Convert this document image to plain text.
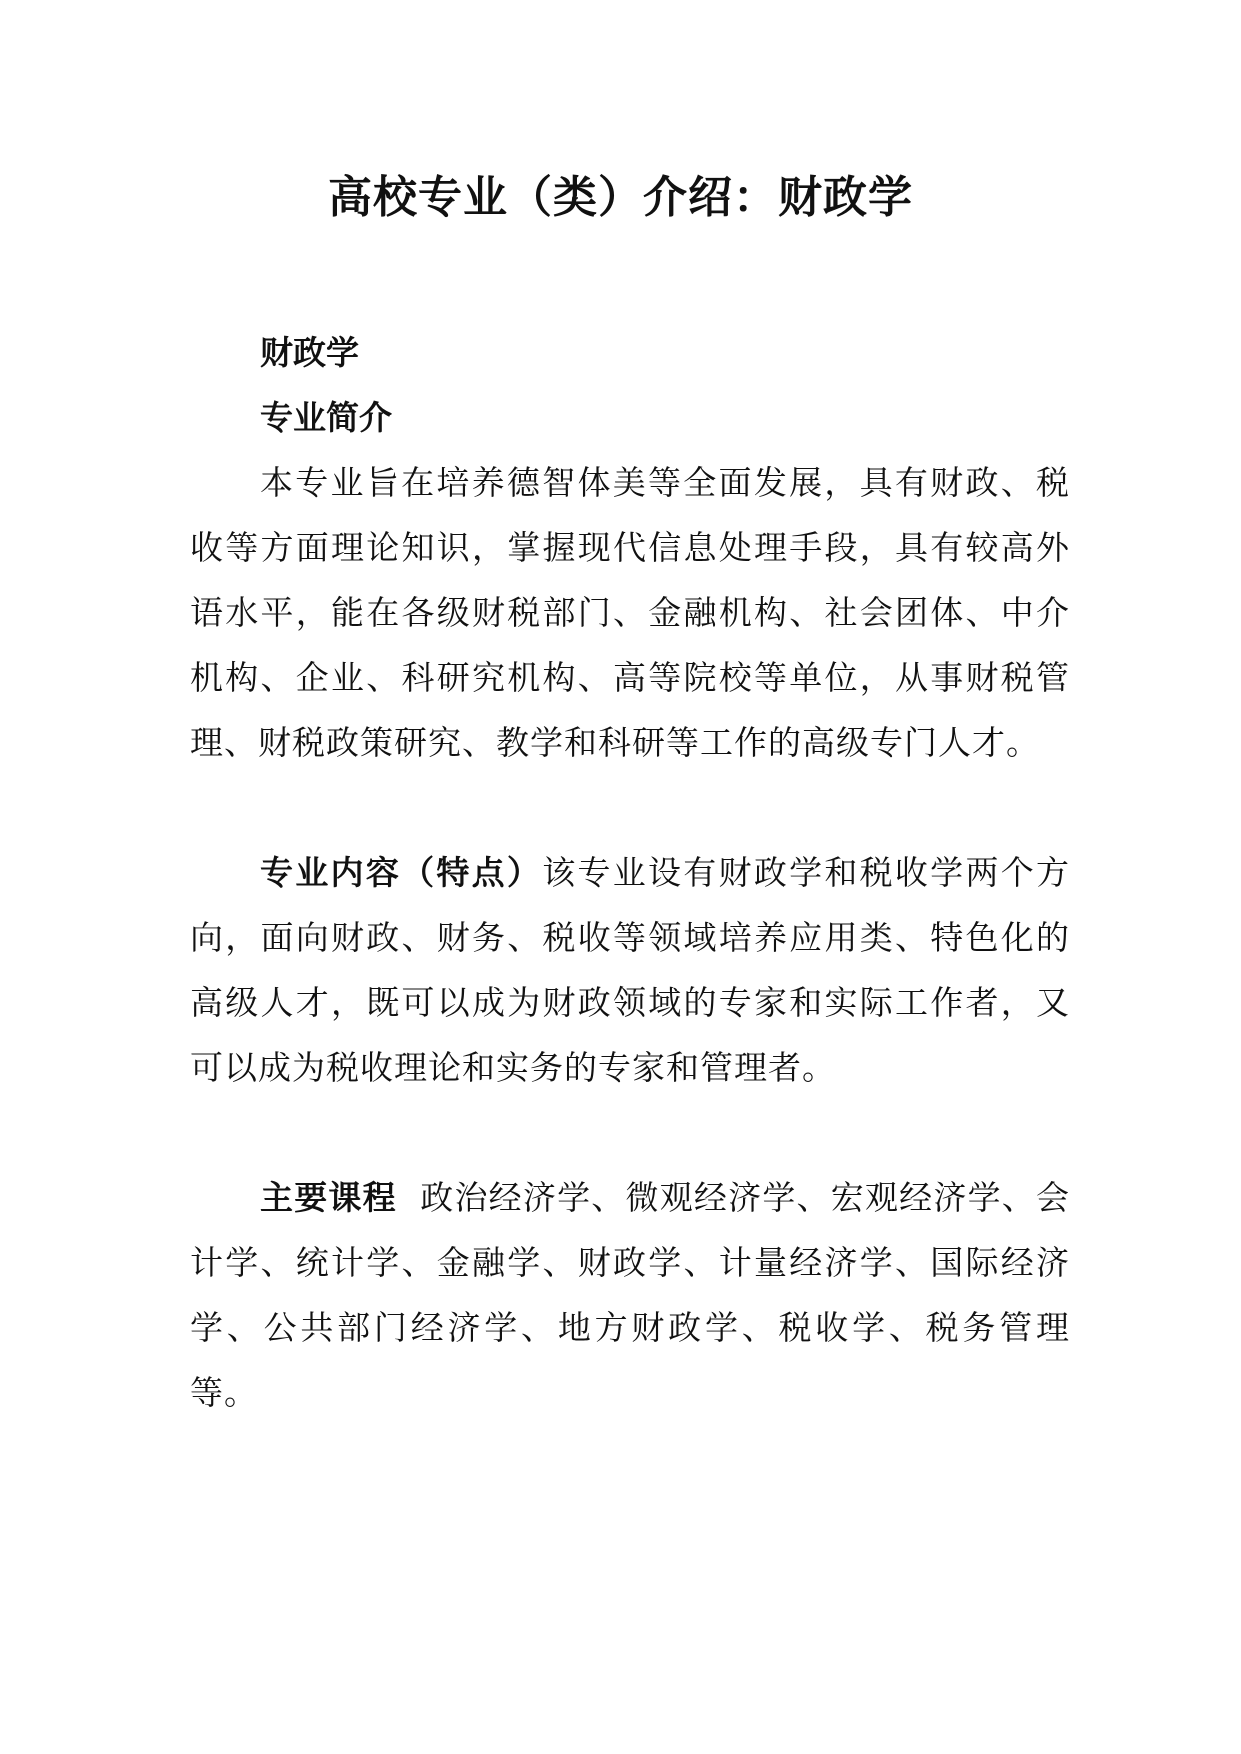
高校专业（类）介绍：财政学

财政学

专业简介

本专业旨在培养德智体美等全面发展，具有财政、税收等方面理论知识，掌握现代信息处理手段，具有较高外语水平，能在各级财税部门、金融机构、社会团体、中介机构、企业、科研究机构、高等院校等单位，从事财税管理、财税政策研究、教学和科研等工作的高级专门人才。

专业内容（特点）该专业设有财政学和税收学两个方向，面向财政、财务、税收等领域培养应用类、特色化的高级人才，既可以成为财政领域的专家和实际工作者，又可以成为税收理论和实务的专家和管理者。

主要课程 政治经济学、微观经济学、宏观经济学、会计学、统计学、金融学、财政学、计量经济学、国际经济学、公共部门经济学、地方财政学、税收学、税务管理等。
